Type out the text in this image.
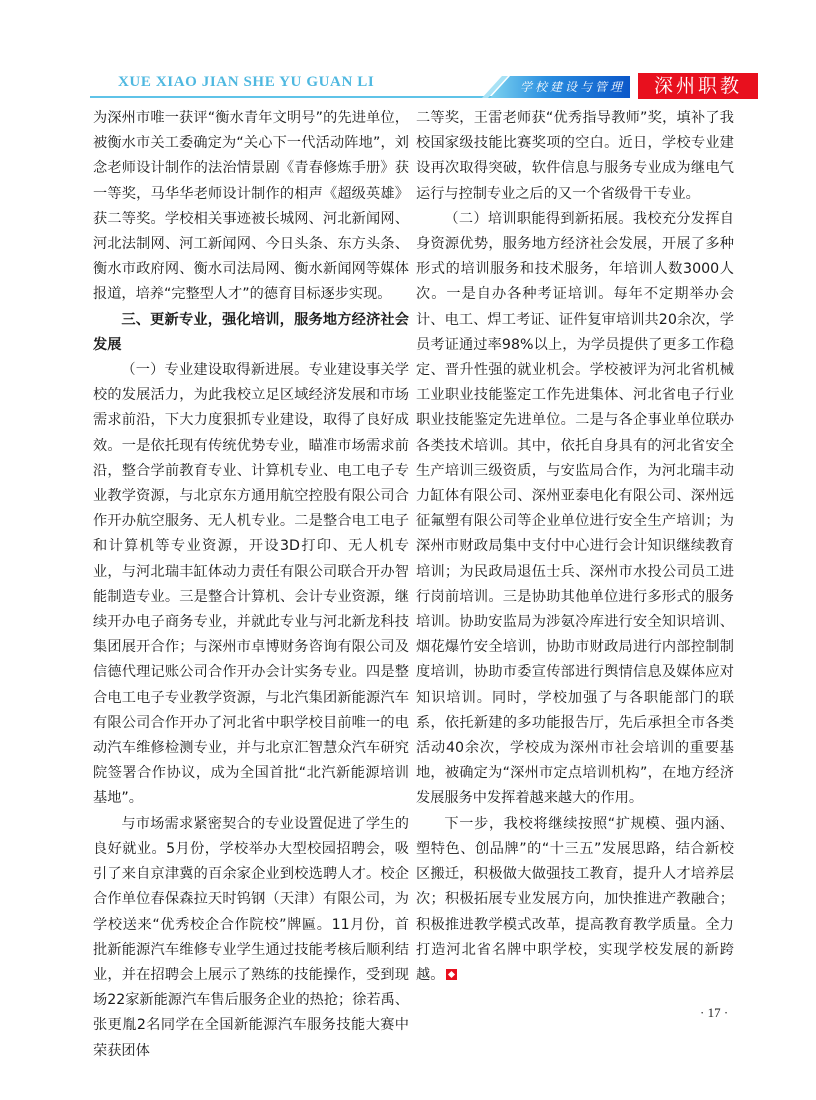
XUE XIAO JIAN SHE YU GUAN LI	学校建设与管理	深州职教

为深州市唯一获评“衡水青年文明号”的先进单位，被衡水市关工委确定为“关心下一代活动阵地”，刘念老师设计制作的法治情景剧《青春修炼手册》获一等奖，马华华老师设计制作的相声《超级英雄》获二等奖。学校相关事迹被长城网、河北新闻网、河北法制网、河工新闻网、今日头条、东方头条、衡水市政府网、衡水司法局网、衡水新闻网等媒体报道，培养“完整型人才”的德育目标逐步实现。

三、更新专业，强化培训，服务地方经济社会发展

（一）专业建设取得新进展。专业建设事关学校的发展活力，为此我校立足区域经济发展和市场需求前沿，下大力度狠抓专业建设，取得了良好成效。一是依托现有传统优势专业，瞄准市场需求前沿，整合学前教育专业、计算机专业、电工电子专业教学资源，与北京东方通用航空控股有限公司合作开办航空服务、无人机专业。二是整合电工电子和计算机等专业资源，开设3D打印、无人机专业，与河北瑞丰缸体动力责任有限公司联合开办智能制造专业。三是整合计算机、会计专业资源，继续开办电子商务专业，并就此专业与河北新龙科技集团展开合作；与深州市卓博财务咨询有限公司及信德代理记账公司合作开办会计实务专业。四是整合电工电子专业教学资源，与北汽集团新能源汽车有限公司合作开办了河北省中职学校目前唯一的电动汽车维修检测专业，并与北京汇智慧众汽车研究院签署合作协议，成为全国首批“北汽新能源培训基地”。

与市场需求紧密契合的专业设置促进了学生的良好就业。5月份，学校举办大型校园招聘会，吸引了来自京津冀的百余家企业到校选聘人才。校企合作单位春保森拉天时钨钢（天津）有限公司，为学校送来“优秀校企合作院校”牌匾。11月份，首批新能源汽车维修专业学生通过技能考核后顺利结业，并在招聘会上展示了熟练的技能操作，受到现场22家新能源汽车售后服务企业的热抢；徐若禹、张更胤2名同学在全国新能源汽车服务技能大赛中荣获团体

二等奖，王雷老师获“优秀指导教师”奖，填补了我校国家级技能比赛奖项的空白。近日，学校专业建设再次取得突破，软件信息与服务专业成为继电气运行与控制专业之后的又一个省级骨干专业。

（二）培训职能得到新拓展。我校充分发挥自身资源优势，服务地方经济社会发展，开展了多种形式的培训服务和技术服务，年培训人数3000人次。一是自办各种考证培训。每年不定期举办会计、电工、焊工考证、证件复审培训共20余次，学员考证通过率98%以上，为学员提供了更多工作稳定、晋升性强的就业机会。学校被评为河北省机械工业职业技能鉴定工作先进集体、河北省电子行业职业技能鉴定先进单位。二是与各企事业单位联办各类技术培训。其中，依托自身具有的河北省安全生产培训三级资质，与安监局合作，为河北瑞丰动力缸体有限公司、深州亚泰电化有限公司、深州远征氟塑有限公司等企业单位进行安全生产培训；为深州市财政局集中支付中心进行会计知识继续教育培训；为民政局退伍士兵、深州市水投公司员工进行岗前培训。三是协助其他单位进行多形式的服务培训。协助安监局为涉氨冷库进行安全知识培训、烟花爆竹安全培训，协助市财政局进行内部控制制度培训，协助市委宣传部进行舆情信息及媒体应对知识培训。同时，学校加强了与各职能部门的联系，依托新建的多功能报告厅，先后承担全市各类活动40余次，学校成为深州市社会培训的重要基地，被确定为“深州市定点培训机构”，在地方经济发展服务中发挥着越来越大的作用。

下一步，我校将继续按照“扩规模、强内涵、塑特色、创品牌”的“十三五”发展思路，结合新校区搬迁，积极做大做强技工教育，提升人才培养层次；积极拓展专业发展方向，加快推进产教融合；积极推进教学模式改革，提高教育教学质量。全力打造河北省名牌中职学校，实现学校发展的新跨越。

· 17 ·
